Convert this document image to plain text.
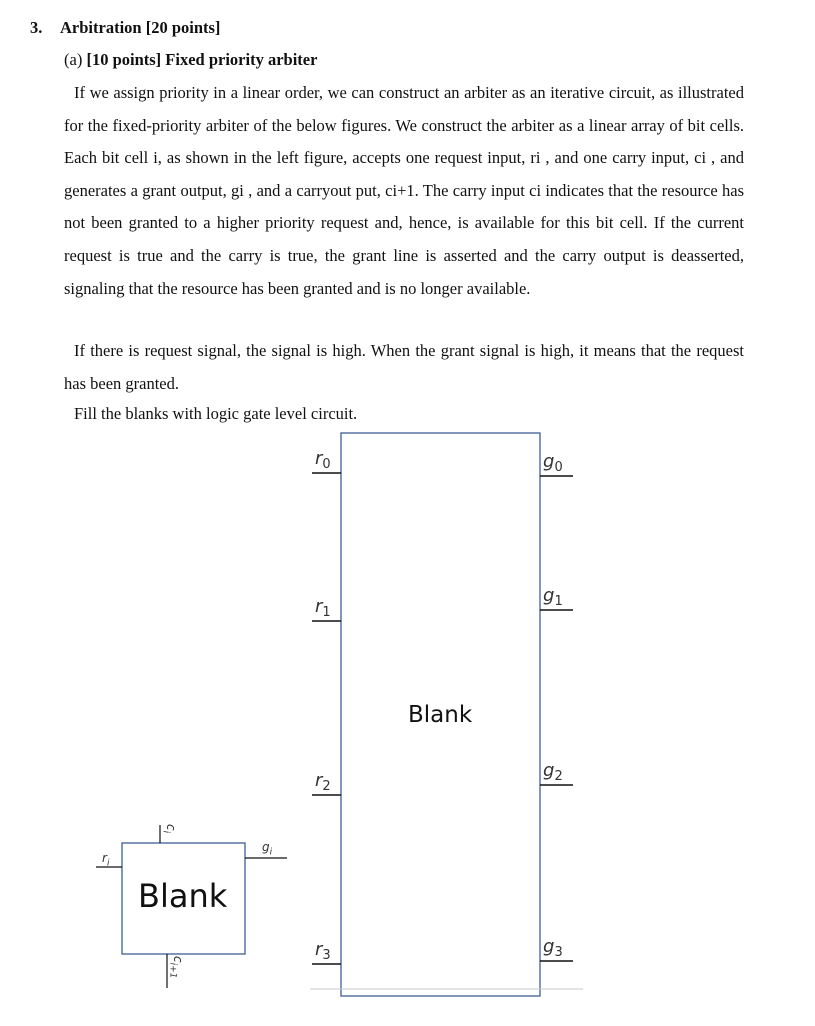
3. Arbitration [20 points]
(a) [10 points] Fixed priority arbiter

If we assign priority in a linear order, we can construct an arbiter as an iterative circuit, as illustrated for the fixed-priority arbiter of the below figures. We construct the arbiter as a linear array of bit cells. Each bit cell i, as shown in the left figure, accepts one request input, ri , and one carry input, ci , and generates a grant output, gi , and a carryout put, ci+1. The carry input ci indicates that the resource has not been granted to a higher priority request and, hence, is available for this bit cell. If the current request is true and the carry is true, the grant line is asserted and the carry output is deasserted, signaling that the resource has been granted and is no longer available.

If there is request signal, the signal is high. When the grant signal is high, it means that the request has been granted.

Fill the blanks with logic gate level circuit.

Blank
$r_0$
$r_1$
$r_2$
$r_3$
$g_0$
$g_1$
$g_2$
$g_3$
Blank
$r_i$
$g_i$
$c_i$
$c_{i+1}$
